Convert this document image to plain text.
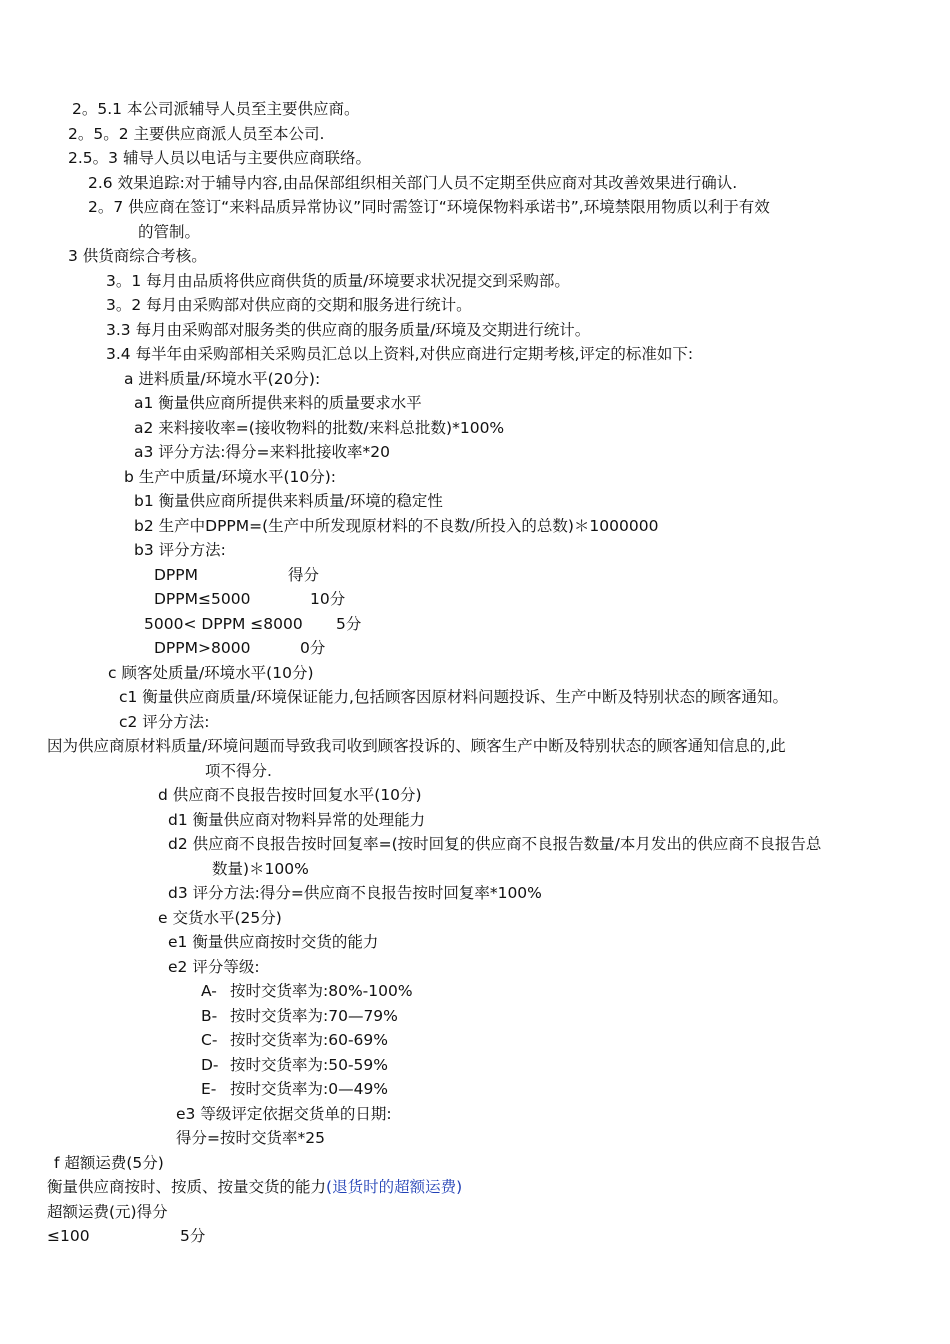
2。5.1 本公司派辅导人员至主要供应商。
2。5。2 主要供应商派人员至本公司.
2.5。3 辅导人员以电话与主要供应商联络。
2.6 效果追踪:对于辅导内容,由品保部组织相关部门人员不定期至供应商对其改善效果进行确认.
2。7 供应商在签订“来料品质异常协议”同时需签订“环境保物料承诺书”,环境禁限用物质以利于有效
的管制。
3 供货商综合考核。
3。1 每月由品质将供应商供货的质量/环境要求状况提交到采购部。
3。2 每月由采购部对供应商的交期和服务进行统计。
3.3 每月由采购部对服务类的供应商的服务质量/环境及交期进行统计。
3.4 每半年由采购部相关采购员汇总以上资料,对供应商进行定期考核,评定的标准如下:
a 进料质量/环境水平(20分):
a1 衡量供应商所提供来料的质量要求水平
a2 来料接收率=(接收物料的批数/来料总批数)*100%
a3 评分方法:得分=来料批接收率*20
b 生产中质量/环境水平(10分):
b1 衡量供应商所提供来料质量/环境的稳定性
b2 生产中DPPM=(生产中所发现原材料的不良数/所投入的总数)＊1000000
b3 评分方法:
DPPM	得分
DPPM≤5000	10分
5000< DPPM ≤8000 5分
DPPM>8000	0分
c 顾客处质量/环境水平(10分)
c1 衡量供应商质量/环境保证能力,包括顾客因原材料问题投诉、生产中断及特别状态的顾客通知。
c2 评分方法:
因为供应商原材料质量/环境问题而导致我司收到顾客投诉的、顾客生产中断及特别状态的顾客通知信息的,此
项不得分.
d 供应商不良报告按时回复水平(10分)
d1 衡量供应商对物料异常的处理能力
d2 供应商不良报告按时回复率=(按时回复的供应商不良报告数量/本月发出的供应商不良报告总
数量)＊100%
d3 评分方法:得分=供应商不良报告按时回复率*100%
e 交货水平(25分)
e1 衡量供应商按时交货的能力
e2 评分等级:
A- 按时交货率为:80%-100%
B- 按时交货率为:70—79%
C- 按时交货率为:60-69%
D- 按时交货率为:50-59%
E- 按时交货率为:0—49%
e3 等级评定依据交货单的日期:
得分=按时交货率*25
f 超额运费(5分)
衡量供应商按时、按质、按量交货的能力(退货时的超额运费)
超额运费(元)得分
≤100	5分
